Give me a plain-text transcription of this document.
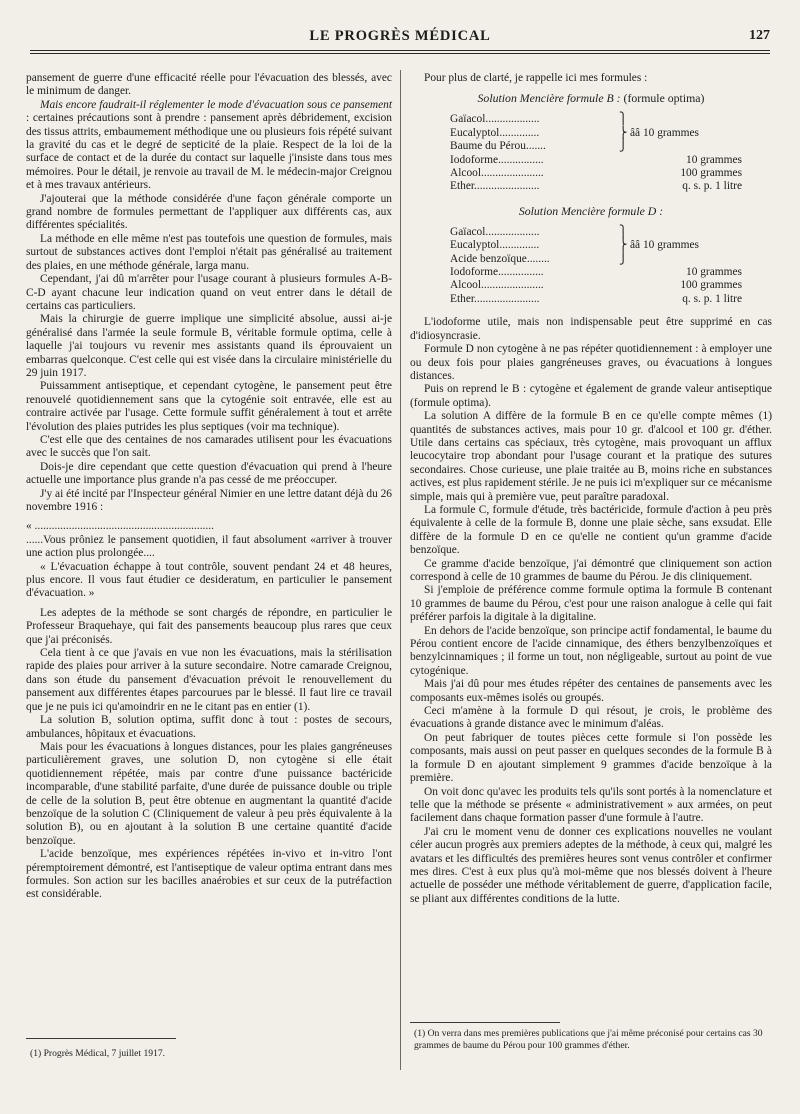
LE PROGRÈS MÉDICAL	127

pansement de guerre d'une efficacité réelle pour l'évacuation des blessés, avec le minimum de danger.

Mais encore faudrait-il réglementer le mode d'évacuation sous ce pansement : certaines précautions sont à prendre : pansement après débridement, excision des tissus attrits, embaumement méthodique une ou plusieurs fois répété suivant la gravité du cas et le degré de septicité de la plaie. Respect de la loi de la surface de contact et de la durée du contact sur laquelle j'insiste dans tous mes mémoires. Pour le détail, je renvoie au travail de M. le médecin-major Creignou et à mes travaux antérieurs.

J'ajouterai que la méthode considérée d'une façon générale comporte un grand nombre de formules permettant de l'appliquer aux différents cas, aux différentes spécialités.

La méthode en elle même n'est pas toutefois une question de formules, mais surtout de substances actives dont l'emploi n'était pas généralisé au traitement des plaies, en une méthode générale, larga manu.

Cependant, j'ai dû m'arrêter pour l'usage courant à plusieurs formules A-B-C-D ayant chacune leur indication quand on veut entrer dans le détail de certains cas particuliers.

Mais la chirurgie de guerre implique une simplicité absolue, aussi ai-je généralisé dans l'armée la seule formule B, véritable formule optima, celle à laquelle j'ai toujours vu revenir mes assistants quand ils éprouvaient un embarras quelconque. C'est celle qui est visée dans la circulaire ministérielle du 29 juin 1917.

Puissamment antiseptique, et cependant cytogène, le pansement peut être renouvelé quotidiennement sans que la cytogénie soit entravée, elle est au contraire activée par l'usage. Cette formule suffit généralement à tout et arrête l'évolution des plaies putrides les plus septiques (voir ma technique).

C'est elle que des centaines de nos camarades utilisent pour les évacuations avec le succès que l'on sait.

Dois-je dire cependant que cette question d'évacuation qui prend à l'heure actuelle une importance plus grande n'a pas cessé de me préoccuper.

J'y ai été incité par l'Inspecteur général Nimier en une lettre datant déjà du 26 novembre 1916 :

« ...............................................................

......Vous prôniez le pansement quotidien, il faut absolument «arriver à trouver une action plus prolongée....

« L'évacuation échappe à tout contrôle, souvent pendant 24 et 48 heures, plus encore. Il vous faut étudier ce desideratum, en particulier le pansement d'évacuation. »

Les adeptes de la méthode se sont chargés de répondre, en particulier le Professeur Braquehaye, qui fait des pansements beaucoup plus rares que ceux que j'ai préconisés.

Cela tient à ce que j'avais en vue non les évacuations, mais la stérilisation rapide des plaies pour arriver à la suture secondaire. Notre camarade Creignou, dans son étude du pansement d'évacuation prévoit le renouvellement du pansement aux différentes étapes parcourues par le blessé. Il faut lire ce travail que je ne puis ici qu'amoindrir en ne le citant pas en entier (1).

La solution B, solution optima, suffit donc à tout : postes de secours, ambulances, hôpitaux et évacuations.

Mais pour les évacuations à longues distances, pour les plaies gangréneuses particulièrement graves, une solution D, non cytogène si elle était quotidiennement répétée, mais par contre d'une puissance bactéricide incomparable, d'une stabilité parfaite, d'une durée de puissance double ou triple de celle de la solution B, peut être obtenue en augmentant la quantité d'acide benzoïque de la solution C (Cliniquement de valeur à peu près équivalente à la solution B), ou en ajoutant à la solution B une certaine quantité d'acide benzoïque.

L'acide benzoïque, mes expériences répétées in-vivo et in-vitro l'ont péremptoirement démontré, est l'antiseptique de valeur optima entrant dans mes formules. Son action sur les bacilles anaérobies et sur ceux de la putréfaction est considérable.

(1) Progrès Médical, 7 juillet 1917.

Pour plus de clarté, je rappelle ici mes formules :

Solution Mencière formule B : (formule optima)
Gaïacol...................	⎫	
Eucalyptol..............	⎬	ââ 10 grammes
Baume du Pérou.......	⎭	
Iodoforme................		10 grammes
Alcool......................		100 grammes
Ether.......................		q. s. p. 1 litre
Solution Mencière formule D :
Gaïacol...................	⎫	
Eucalyptol..............	⎬	ââ 10 grammes
Acide benzoïque........	⎭	
Iodoforme................		10 grammes
Alcool......................		100 grammes
Ether.......................		q. s. p. 1 litre

L'iodoforme utile, mais non indispensable peut être supprimé en cas d'idiosyncrasie.

Formule D non cytogène à ne pas répéter quotidiennement : à employer une ou deux fois pour plaies gangréneuses graves, ou évacuations à longues distances.

Puis on reprend le B : cytogène et également de grande valeur antiseptique (formule optima).

La solution A diffère de la formule B en ce qu'elle compte mêmes (1) quantités de substances actives, mais pour 10 gr. d'alcool et 100 gr. d'éther. Utile dans certains cas spéciaux, très cytogène, mais provoquant un afflux leucocytaire trop abondant pour l'usage courant et la pratique des sutures secondaires. Chose curieuse, une plaie traitée au B, moins riche en substances actives, est plus rapidement stérile. Je ne puis ici m'expliquer sur ce mécanisme simple, mais qui à première vue, peut paraître paradoxal.

La formule C, formule d'étude, très bactéricide, formule d'action à peu près équivalente à celle de la formule B, donne une plaie sèche, sans exsudat. Elle diffère de la formule D en ce qu'elle ne contient qu'un gramme d'acide benzoïque.

Ce gramme d'acide benzoïque, j'ai démontré que cliniquement son action correspond à celle de 10 grammes de baume du Pérou. Je dis cliniquement.

Si j'emploie de préférence comme formule optima la formule B contenant 10 grammes de baume du Pérou, c'est pour une raison analogue à celle qui fait préférer parfois la digitale à la digitaline.

En dehors de l'acide benzoïque, son principe actif fondamental, le baume du Pérou contient encore de l'acide cinnamique, des éthers benzylbenzoïques et benzylcinnamiques ; il forme un tout, non négligeable, surtout au point de vue cytogénique.

Mais j'ai dû pour mes études répéter des centaines de pansements avec les composants eux-mêmes isolés ou groupés.

Ceci m'amène à la formule D qui résout, je crois, le problème des évacuations à grande distance avec le minimum d'aléas.

On peut fabriquer de toutes pièces cette formule si l'on possède les composants, mais aussi on peut passer en quelques secondes de la formule B à la formule D en ajoutant simplement 9 grammes d'acide benzoïque à la première.

On voit donc qu'avec les produits tels qu'ils sont portés à la nomenclature et telle que la méthode se présente « administrativement » aux armées, on peut facilement dans chaque formation passer d'une formule à l'autre.

J'ai cru le moment venu de donner ces explications nouvelles ne voulant céler aucun progrès aux premiers adeptes de la méthode, à ceux qui, malgré les avatars et les difficultés des premières heures sont venus contrôler et confirmer mes dires. C'est à eux plus qu'à moi-même que nos blessés doivent à l'heure actuelle de posséder une méthode véritablement de guerre, d'application facile, se pliant aux différentes conditions de la lutte.

(1) On verra dans mes premières publications que j'ai même préconisé pour certains cas 30 grammes de baume du Pérou pour 100 grammes d'éther.
